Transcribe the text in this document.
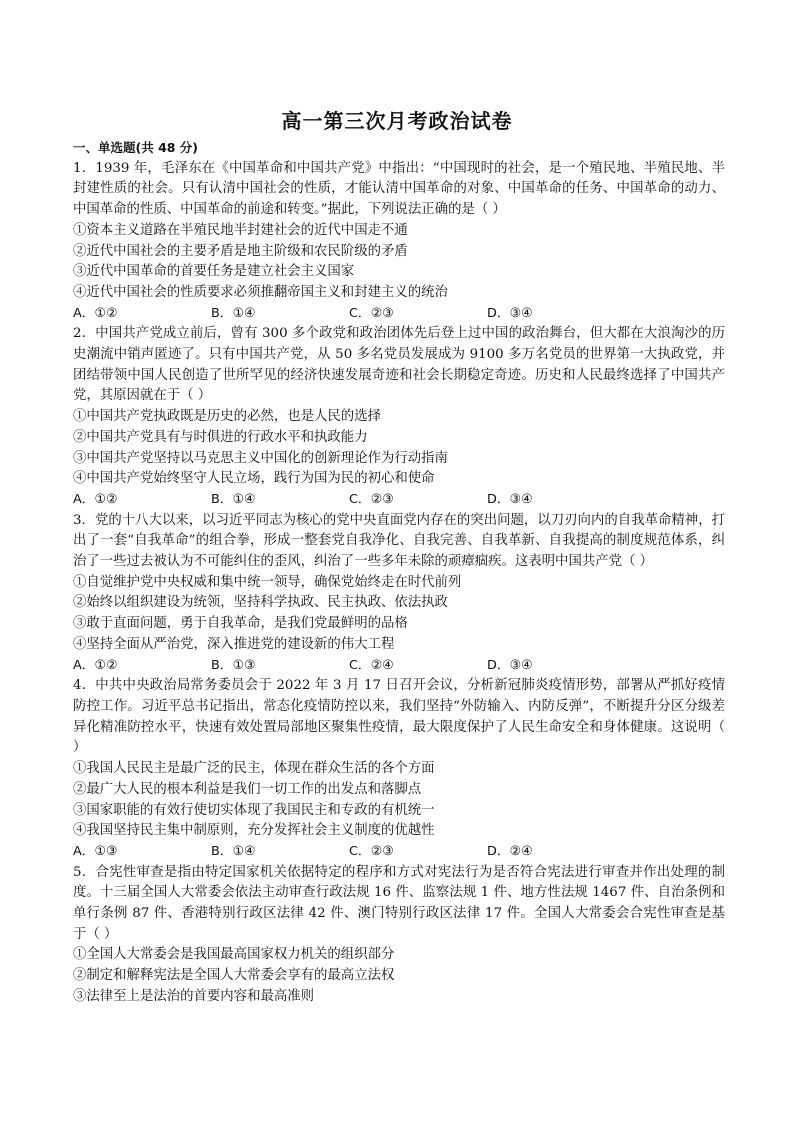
高一第三次月考政治试卷
一、单选题(共 48 分)
1．1939 年，毛泽东在《中国革命和中国共产党》中指出：“中国现时的社会，是一个殖民地、半殖民地、半封建性质的社会。只有认清中国社会的性质，才能认清中国革命的对象、中国革命的任务、中国革命的动力、中国革命的性质、中国革命的前途和转变。”据此，下列说法正确的是（ ）
①资本主义道路在半殖民地半封建社会的近代中国走不通
②近代中国社会的主要矛盾是地主阶级和农民阶级的矛盾
③近代中国革命的首要任务是建立社会主义国家
④近代中国社会的性质要求必须推翻帝国主义和封建主义的统治
A．①②	B．①④	C．②③	D．③④
2．中国共产党成立前后，曾有 300 多个政党和政治团体先后登上过中国的政治舞台，但大都在大浪淘沙的历史潮流中销声匿迹了。只有中国共产党，从 50 多名党员发展成为 9100 多万名党员的世界第一大执政党，并团结带领中国人民创造了世所罕见的经济快速发展奇迹和社会长期稳定奇迹。历史和人民最终选择了中国共产党，其原因就在于（ ）
①中国共产党执政既是历史的必然，也是人民的选择
②中国共产党具有与时俱进的行政水平和执政能力
③中国共产党坚持以马克思主义中国化的创新理论作为行动指南
④中国共产党始终坚守人民立场，践行为国为民的初心和使命
A．①②	B．①④	C．②③	D．③④
3．党的十八大以来，以习近平同志为核心的党中央直面党内存在的突出问题，以刀刃向内的自我革命精神，打出了一套“自我革命”的组合拳，形成一整套党自我净化、自我完善、自我革新、自我提高的制度规范体系，纠治了一些过去被认为不可能纠住的歪风，纠治了一些多年未除的顽瘴痼疾。这表明中国共产党（ ）
①自觉维护党中央权威和集中统一领导，确保党始终走在时代前列
②始终以组织建设为统领，坚持科学执政、民主执政、依法执政
③敢于直面问题，勇于自我革命，是我们党最鲜明的品格
④坚持全面从严治党，深入推进党的建设新的伟大工程
A．①②	B．①③	C．②④	D．③④
4．中共中央政治局常务委员会于 2022 年 3 月 17 日召开会议，分析新冠肺炎疫情形势，部署从严抓好疫情防控工作。习近平总书记指出，常态化疫情防控以来，我们坚持“外防输入、内防反弹”，不断提升分区分级差异化精准防控水平，快速有效处置局部地区聚集性疫情，最大限度保护了人民生命安全和身体健康。这说明（ ）
①我国人民民主是最广泛的民主，体现在群众生活的各个方面
②最广大人民的根本利益是我们一切工作的出发点和落脚点
③国家职能的有效行使切实体现了我国民主和专政的有机统一
④我国坚持民主集中制原则，充分发挥社会主义制度的优越性
A．①③	B．①④	C．②③	D．②④
5．合宪性审查是指由特定国家机关依据特定的程序和方式对宪法行为是否符合宪法进行审查并作出处理的制度。十三届全国人大常委会依法主动审查行政法规 16 件、监察法规 1 件、地方性法规 1467 件、自治条例和单行条例 87 件、香港特别行政区法律 42 件、澳门特别行政区法律 17 件。全国人大常委会合宪性审查是基于（ ）
①全国人大常委会是我国最高国家权力机关的组织部分
②制定和解释宪法是全国人大常委会享有的最高立法权
③法律至上是法治的首要内容和最高准则
